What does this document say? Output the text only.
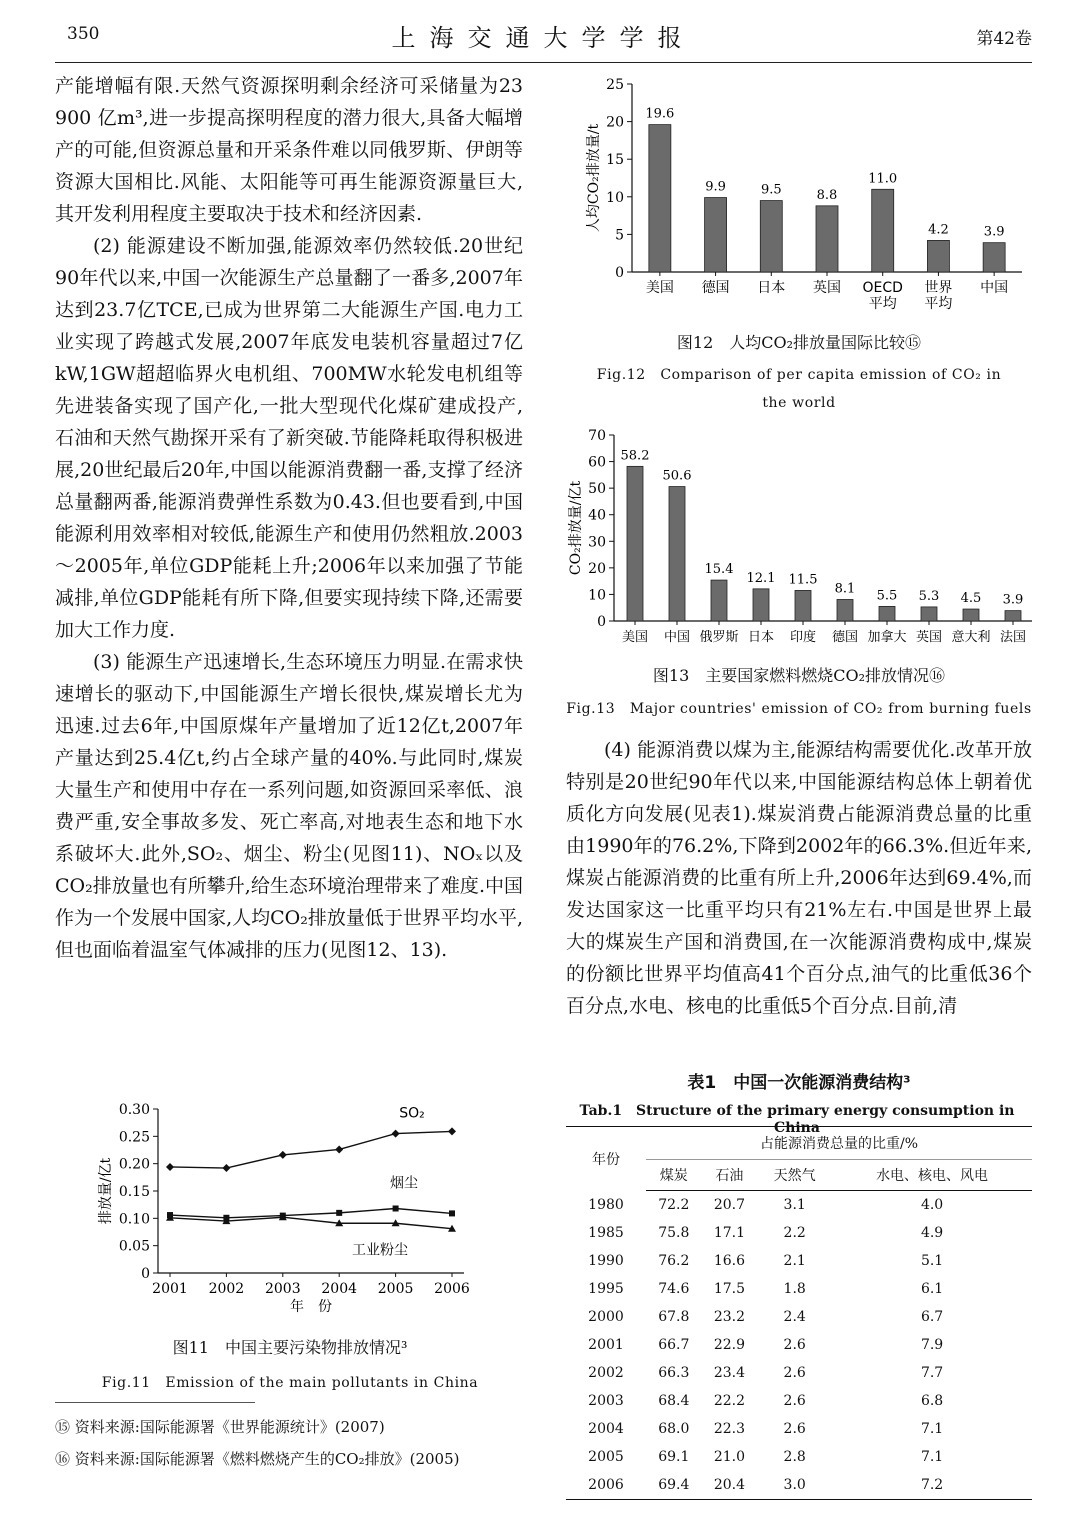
350	上海交通大学学报	第42卷

产能增幅有限.天然气资源探明剩余经济可采储量为23 900 亿m³,进一步提高探明程度的潜力很大,具备大幅增产的可能,但资源总量和开采条件难以同俄罗斯、伊朗等资源大国相比.风能、太阳能等可再生能源资源量巨大,其开发利用程度主要取决于技术和经济因素.

(2) 能源建设不断加强,能源效率仍然较低.20世纪90年代以来,中国一次能源生产总量翻了一番多,2007年达到23.7亿TCE,已成为世界第二大能源生产国.电力工业实现了跨越式发展,2007年底发电装机容量超过7亿kW,1GW超超临界火电机组、700MW水轮发电机组等先进装备实现了国产化,一批大型现代化煤矿建成投产,石油和天然气勘探开采有了新突破.节能降耗取得积极进展,20世纪最后20年,中国以能源消费翻一番,支撑了经济总量翻两番,能源消费弹性系数为0.43.但也要看到,中国能源利用效率相对较低,能源生产和使用仍然粗放.2003～2005年,单位GDP能耗上升;2006年以来加强了节能减排,单位GDP能耗有所下降,但要实现持续下降,还需要加大工作力度.

(3) 能源生产迅速增长,生态环境压力明显.在需求快速增长的驱动下,中国能源生产增长很快,煤炭增长尤为迅速.过去6年,中国原煤年产量增加了近12亿t,2007年产量达到25.4亿t,约占全球产量的40%.与此同时,煤炭大量生产和使用中存在一系列问题,如资源回采率低、浪费严重,安全事故多发、死亡率高,对地表生态和地下水系破坏大.此外,SO₂、烟尘、粉尘(见图11)、NOₓ以及CO₂排放量也有所攀升,给生态环境治理带来了难度.中国作为一个发展中国家,人均CO₂排放量低于世界平均水平,但也面临着温室气体减排的压力(见图12、13).

0
5
10
15
20
25
人均CO₂排放量/t
19.6
美国
9.9
德国
9.5
日本
8.8
英国
11.0
OECD
平均
4.2
世界
平均
3.9
中国
图12　人均CO₂排放量国际比较⑮
Fig.12　Comparison of per capita emission of CO₂ in the world
0
10
20
30
40
50
60
70
CO₂排放量/亿t
58.2
美国
50.6
中国
15.4
俄罗斯
12.1
日本
11.5
印度
8.1
德国
5.5
加拿大
5.3
英国
4.5
意大利
3.9
法国
图13　主要国家燃料燃烧CO₂排放情况⑯
Fig.13　Major countries' emission of CO₂ from burning fuels

(4) 能源消费以煤为主,能源结构需要优化.改革开放特别是20世纪90年代以来,中国能源结构总体上朝着优质化方向发展(见表1).煤炭消费占能源消费总量的比重由1990年的76.2%,下降到2002年的66.3%.但近年来,煤炭占能源消费的比重有所上升,2006年达到69.4%,而发达国家这一比重平均只有21%左右.中国是世界上最大的煤炭生产国和消费国,在一次能源消费构成中,煤炭的份额比世界平均值高41个百分点,油气的比重低36个百分点,水电、核电的比重低5个百分点.目前,清

0
0.05
0.10
0.15
0.20
0.25
0.30
2001 2002 2003 2004 2005 2006
年　份
排放量/亿t
SO₂
烟尘
工业粉尘
图11　中国主要污染物排放情况³
Fig.11　Emission of the main pollutants in China
⑮ 资料来源:国际能源署《世界能源统计》(2007)
⑯ 资料来源:国际能源署《燃料燃烧产生的CO₂排放》(2005)
表1　中国一次能源消费结构³
Tab.1　Structure of the primary energy consumption in China
年份	占能源消费总量的比重/%			
	煤炭	石油	天然气	水电、核电、风电
1980	72.2	20.7	3.1	4.0
1985	75.8	17.1	2.2	4.9
1990	76.2	16.6	2.1	5.1
1995	74.6	17.5	1.8	6.1
2000	67.8	23.2	2.4	6.7
2001	66.7	22.9	2.6	7.9
2002	66.3	23.4	2.6	7.7
2003	68.4	22.2	2.6	6.8
2004	68.0	22.3	2.6	7.1
2005	69.1	21.0	2.8	7.1
2006	69.4	20.4	3.0	7.2
